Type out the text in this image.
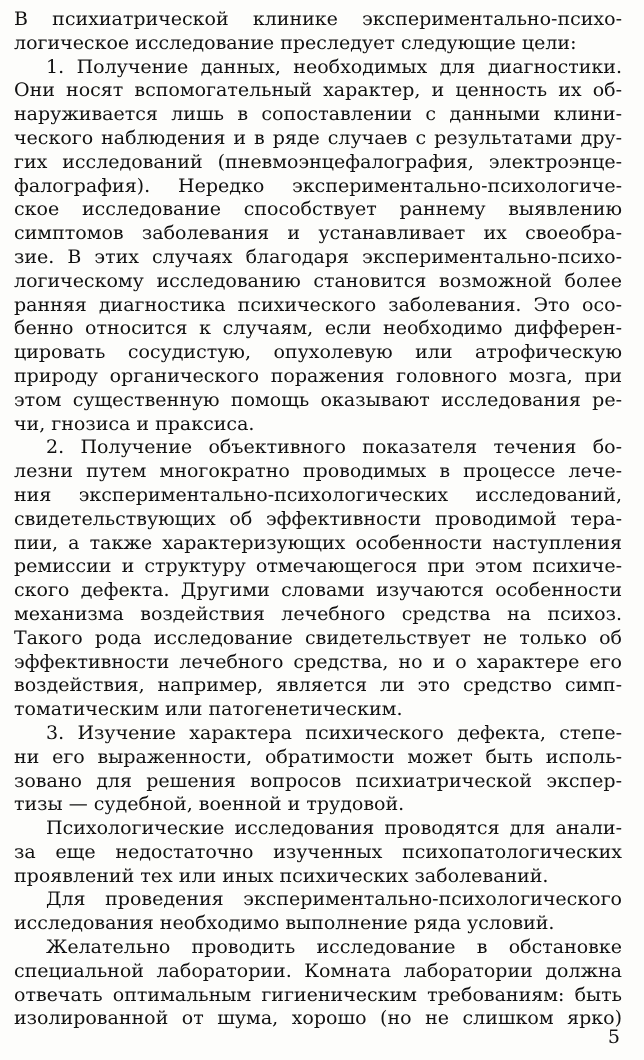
В психиатрической клинике экспериментально-психо-
логическое исследование преследует следующие цели:
1. Получение данных, необходимых для диагностики.
Они носят вспомогательный характер, и ценность их об-
наруживается лишь в сопоставлении с данными клини-
ческого наблюдения и в ряде случаев с результатами дру-
гих исследований (пневмоэнцефалография, электроэнце-
фалография). Нередко экспериментально-психологиче-
ское исследование способствует раннему выявлению
симптомов заболевания и устанавливает их своеобра-
зие. В этих случаях благодаря экспериментально-психо-
логическому исследованию становится возможной более
ранняя диагностика психического заболевания. Это осо-
бенно относится к случаям, если необходимо дифферен-
цировать сосудистую, опухолевую или атрофическую
природу органического поражения головного мозга, при
этом существенную помощь оказывают исследования ре-
чи, гнозиса и праксиса.
2. Получение объективного показателя течения бо-
лезни путем многократно проводимых в процессе лече-
ния экспериментально-психологических исследований,
свидетельствующих об эффективности проводимой тера-
пии, а также характеризующих особенности наступления
ремиссии и структуру отмечающегося при этом психиче-
ского дефекта. Другими словами изучаются особенности
механизма воздействия лечебного средства на психоз.
Такого рода исследование свидетельствует не только об
эффективности лечебного средства, но и о характере его
воздействия, например, является ли это средство симп-
томатическим или патогенетическим.
3. Изучение характера психического дефекта, степе-
ни его выраженности, обратимости может быть исполь-
зовано для решения вопросов психиатрической экспер-
тизы — судебной, военной и трудовой.
Психологические исследования проводятся для анали-
за еще недостаточно изученных психопатологических
проявлений тех или иных психических заболеваний.
Для проведения экспериментально-психологического
исследования необходимо выполнение ряда условий.
Желательно проводить исследование в обстановке
специальной лаборатории. Комната лаборатории должна
отвечать оптимальным гигиеническим требованиям: быть
изолированной от шума, хорошо (но не слишком ярко)
5
